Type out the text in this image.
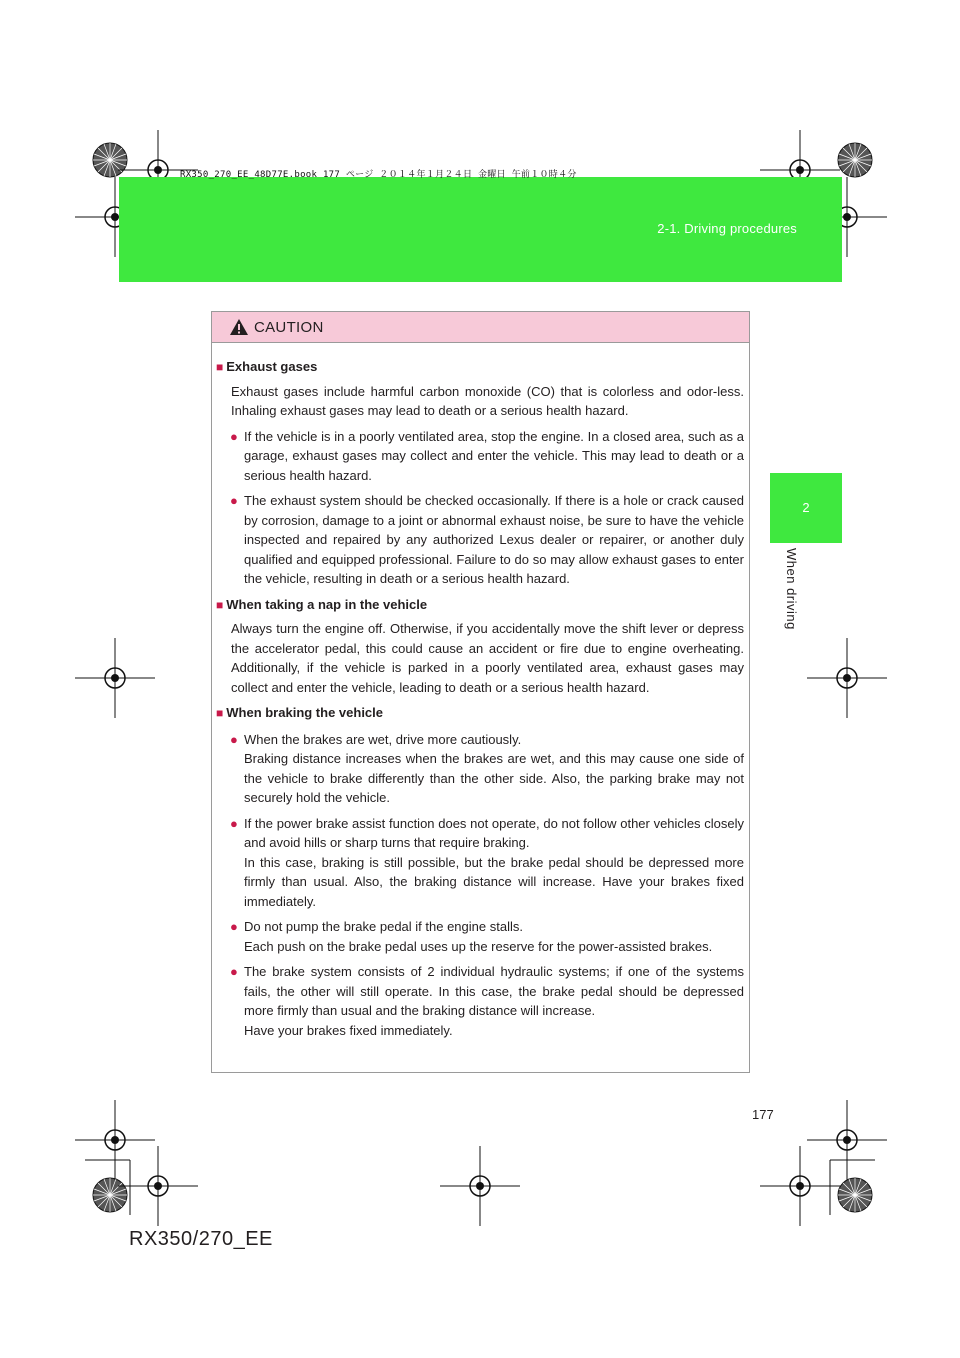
2-1. Driving procedures
RX350_270_EE_48D77E.book 177 ページ ２０１４年１月２４日 金曜日 午前１０時４分
2
When driving
CAUTION
■ Exhaust gases
Exhaust gases include harmful carbon monoxide (CO) that is colorless and odor-less. Inhaling exhaust gases may lead to death or a serious health hazard.
● If the vehicle is in a poorly ventilated area, stop the engine. In a closed area, such as a garage, exhaust gases may collect and enter the vehicle. This may lead to death or a serious health hazard.
● The exhaust system should be checked occasionally. If there is a hole or crack caused by corrosion, damage to a joint or abnormal exhaust noise, be sure to have the vehicle inspected and repaired by any authorized Lexus dealer or repairer, or another duly qualified and equipped professional. Failure to do so may allow exhaust gases to enter the vehicle, resulting in death or a serious health hazard.
■ When taking a nap in the vehicle
Always turn the engine off. Otherwise, if you accidentally move the shift lever or depress the accelerator pedal, this could cause an accident or fire due to engine overheating. Additionally, if the vehicle is parked in a poorly ventilated area, exhaust gases may collect and enter the vehicle, leading to death or a serious health hazard.
■ When braking the vehicle
● When the brakes are wet, drive more cautiously.
Braking distance increases when the brakes are wet, and this may cause one side of the vehicle to brake differently than the other side. Also, the parking brake may not securely hold the vehicle.
● If the power brake assist function does not operate, do not follow other vehicles closely and avoid hills or sharp turns that require braking.
In this case, braking is still possible, but the brake pedal should be depressed more firmly than usual. Also, the braking distance will increase. Have your brakes fixed immediately.
● Do not pump the brake pedal if the engine stalls.
Each push on the brake pedal uses up the reserve for the power-assisted brakes.
● The brake system consists of 2 individual hydraulic systems; if one of the systems fails, the other will still operate. In this case, the brake pedal should be depressed more firmly than usual and the braking distance will increase.
Have your brakes fixed immediately.
177
RX350/270_EE
